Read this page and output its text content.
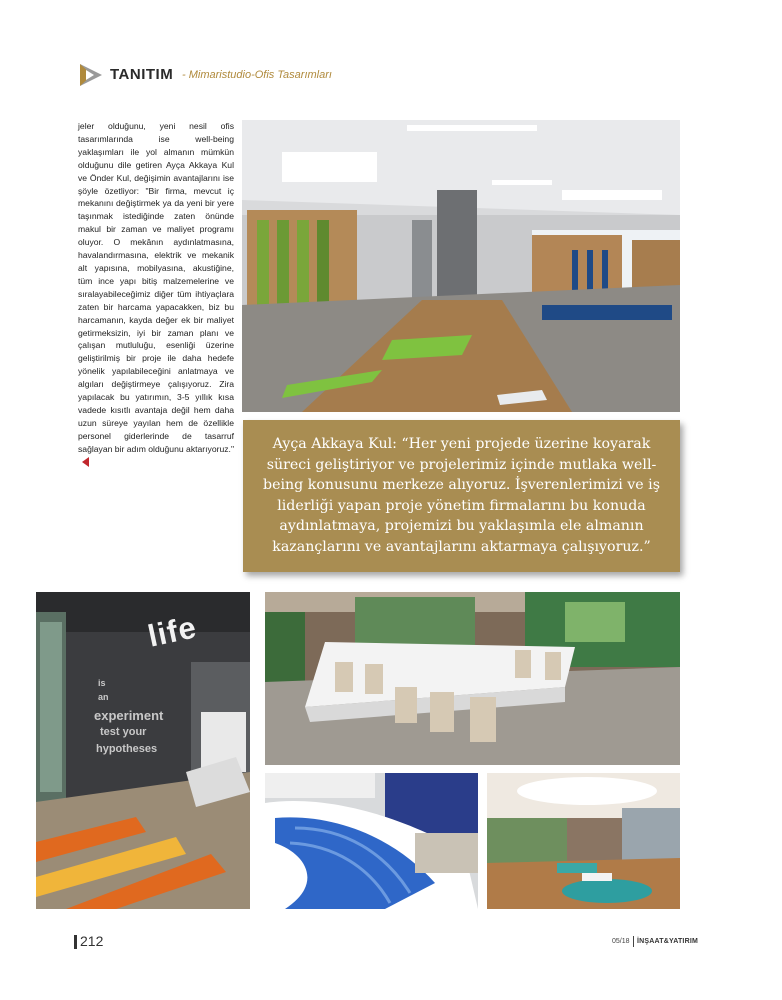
TANITIM - Mimaristudio-Ofis Tasarımları
jeler olduğunu, yeni nesil ofis tasarımlarında ise well-being yaklaşımları ile yol almanın mümkün olduğunu dile getiren Ayça Akkaya Kul ve Önder Kul, değişimin avantajlarını ise şöyle özetliyor: "Bir firma, mevcut iç mekanını değiştirmek ya da yeni bir yere taşınmak istediğinde zaten önünde makul bir zaman ve maliyet programı oluyor. O mekânın aydınlatmasına, havalandırmasına, elektrik ve mekanik alt yapısına, mobilyasına, akustiğine, tüm ince yapı bitiş malzemelerine ve sıralayabileceğimiz diğer tüm ihtiyaçlara zaten bir harcama yapacakken, biz bu harcamanın, kayda değer ek bir maliyet getirmeksizin, iyi bir zaman planı ve çalışan mutluluğu, esenliği üzerine geliştirilmiş bir proje ile daha hedefe yönelik yapılabileceğini anlatmaya ve algıları değiştirmeye çalışıyoruz. Zira yapılacak bu yatırımın, 3-5 yıllık kısa vadede kısıtlı avantaja değil hem daha uzun süreye yayılan hem de özellikle personel giderlerinde de tasarruf sağlayan bir adım olduğunu aktarıyoruz."	Ayça Akkaya Kul: “Her yeni projede üzerine koyarak süreci geliştiriyor ve projelerimiz içinde mutlaka well-being konusunu merkeze alıyoruz. İşverenlerimizi ve iş liderliği yapan proje yönetim firmalarını bu konuda aydınlatmaya, projemizi bu yaklaşımla ele almanın kazançlarını ve avantajlarını aktarmaya çalışıyoruz.”
life
is
an
experiment
test your
hypotheses
212	05/18 İNŞAAT&YATIRIM
